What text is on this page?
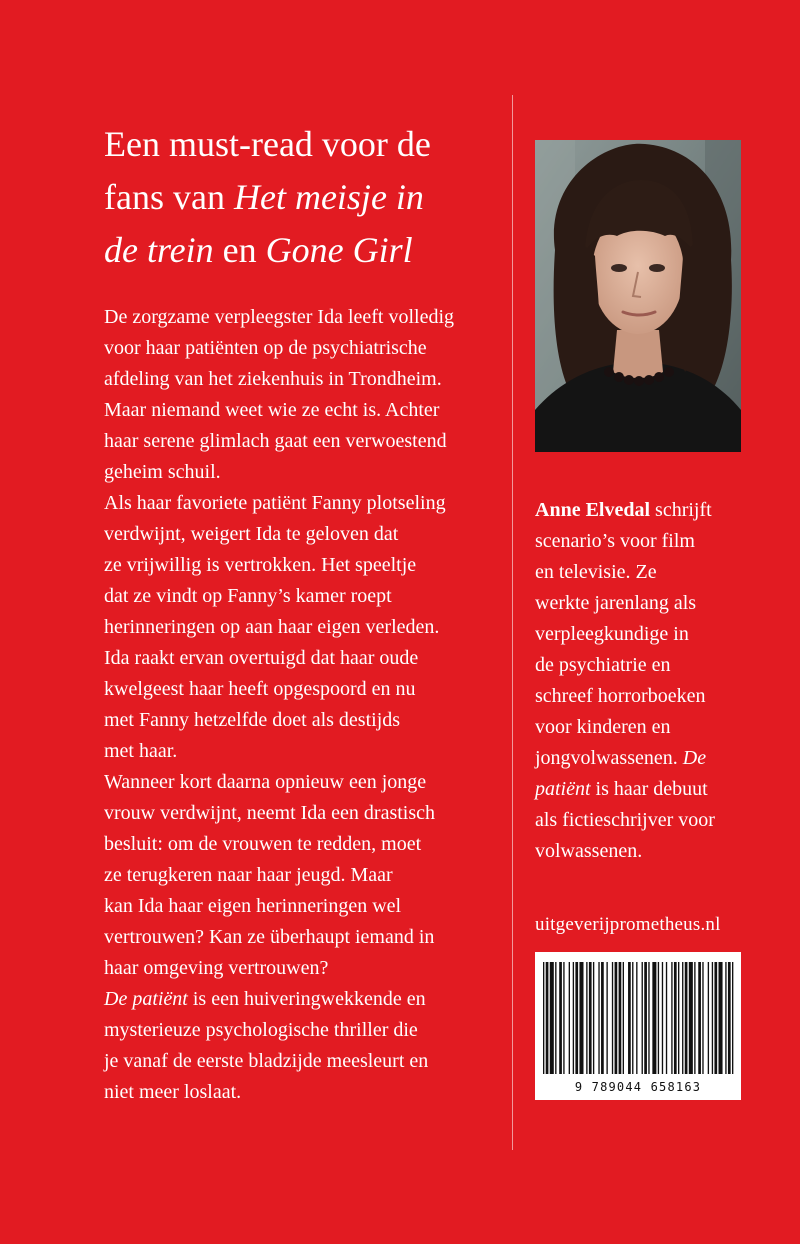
Een must-read voor de
fans van Het meisje in
de trein en Gone Girl
De zorgzame verpleegster Ida leeft volledig
voor haar patiënten op de psychiatrische
afdeling van het ziekenhuis in Trondheim.
Maar niemand weet wie ze echt is. Achter
haar serene glimlach gaat een verwoestend
geheim schuil.
Als haar favoriete patiënt Fanny plotseling
verdwijnt, weigert Ida te geloven dat
ze vrijwillig is vertrokken. Het speeltje
dat ze vindt op Fanny’s kamer roept
herinneringen op aan haar eigen verleden.
Ida raakt ervan overtuigd dat haar oude
kwelgeest haar heeft opgespoord en nu
met Fanny hetzelfde doet als destijds
met haar.
Wanneer kort daarna opnieuw een jonge
vrouw verdwijnt, neemt Ida een drastisch
besluit: om de vrouwen te redden, moet
ze terugkeren naar haar jeugd. Maar
kan Ida haar eigen herinneringen wel
vertrouwen? Kan ze überhaupt iemand in
haar omgeving vertrouwen?
De patiënt is een huiveringwekkende en
mysterieuze psychologische thriller die
je vanaf de eerste bladzijde meesleurt en
niet meer loslaat.
Anne Elvedal schrijft
scenario’s voor film
en televisie. Ze
werkte jarenlang als
verpleegkundige in
de psychiatrie en
schreef horrorboeken
voor kinderen en
jongvolwassenen. De
patiënt is haar debuut
als fictieschrijver voor
volwassenen.
uitgeverijprometheus.nl
9 789044 658163
